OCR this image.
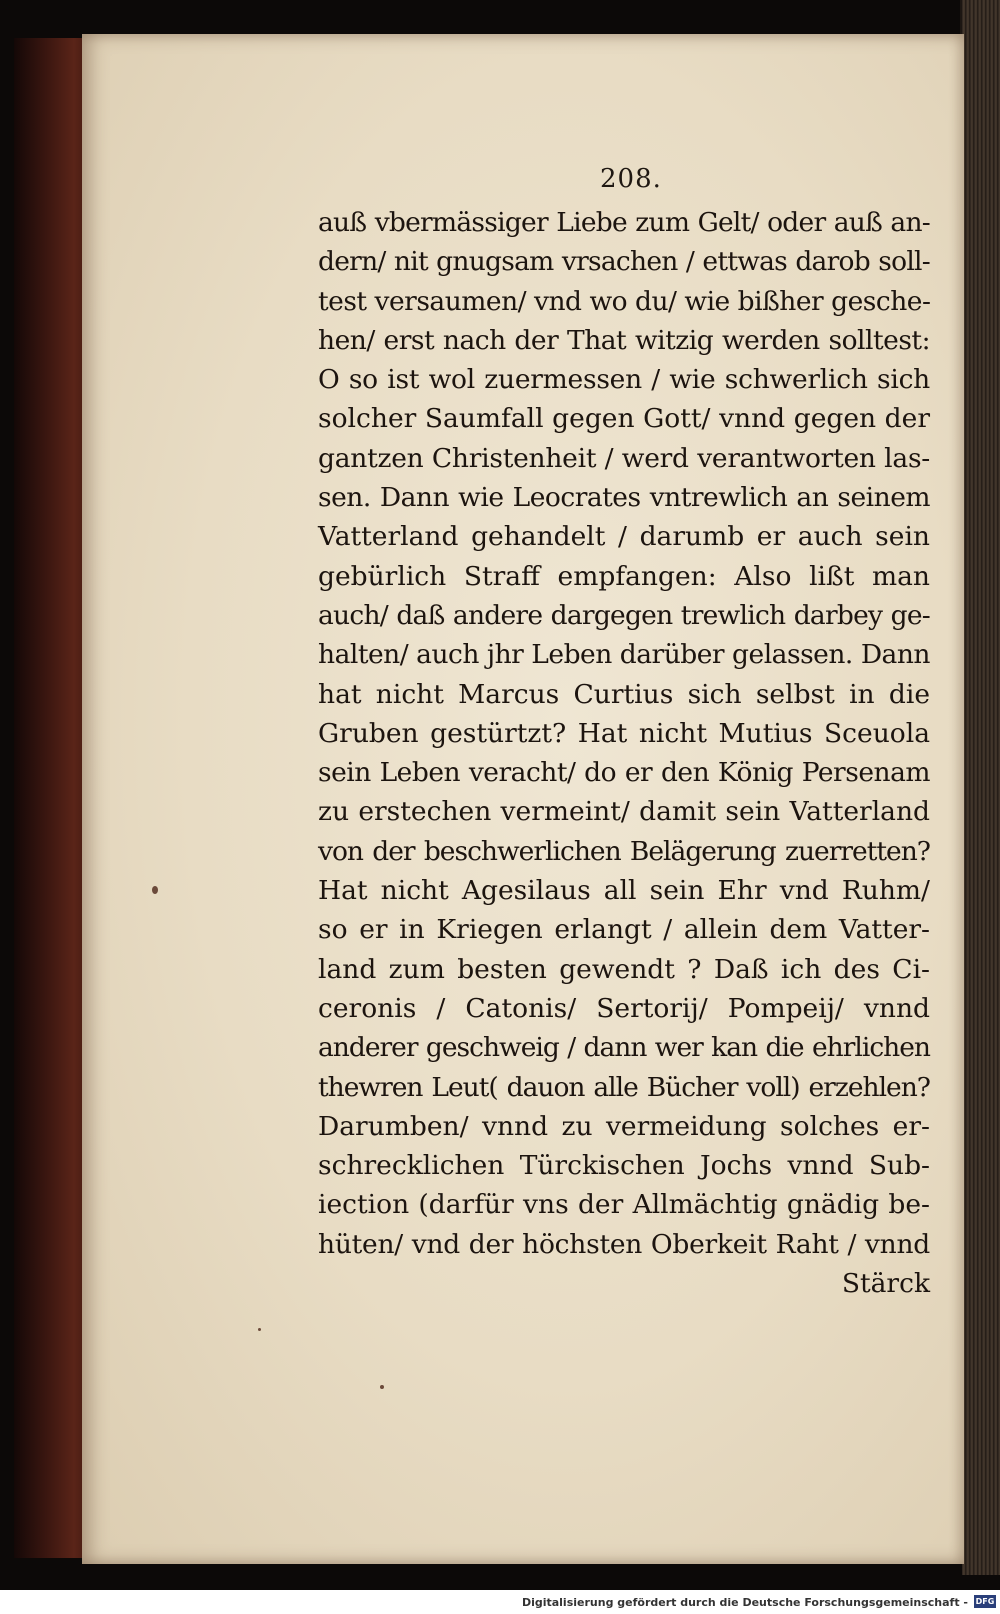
208.
auß vbermässiger Liebe zum Gelt/ oder auß an-
dern/ nit gnugsam vrsachen / ettwas darob soll-
test versaumen/ vnd wo du/ wie bißher gesche-
hen/ erst nach der That witzig werden solltest:
O so ist wol zuermessen / wie schwerlich sich
solcher Saumfall gegen Gott/ vnnd gegen der
gantzen Christenheit / werd verantworten las-
sen. Dann wie Leocrates vntrewlich an seinem
Vatterland gehandelt / darumb er auch sein
gebürlich Straff empfangen: Also lißt man
auch/ daß andere dargegen trewlich darbey ge-
halten/ auch jhr Leben darüber gelassen. Dann
hat nicht Marcus Curtius sich selbst in die
Gruben gestürtzt? Hat nicht Mutius Sceuola
sein Leben veracht/ do er den König Persenam
zu erstechen vermeint/ damit sein Vatterland
von der beschwerlichen Belägerung zuerretten?
Hat nicht Agesilaus all sein Ehr vnd Ruhm/
so er in Kriegen erlangt / allein dem Vatter-
land zum besten gewendt ? Daß ich des Ci-
ceronis / Catonis/ Sertorij/ Pompeij/ vnnd
anderer geschweig / dann wer kan die ehrlichen
thewren Leut( dauon alle Bücher voll) erzehlen?
Darumben/ vnnd zu vermeidung solches er-
schrecklichen Türckischen Jochs vnnd Sub-
iection (darfür vns der Allmächtig gnädig be-
hüten/ vnd der höchsten Oberkeit Raht / vnnd
Stärck
Digitalisierung gefördert durch die Deutsche Forschungsgemeinschaft - DFG
